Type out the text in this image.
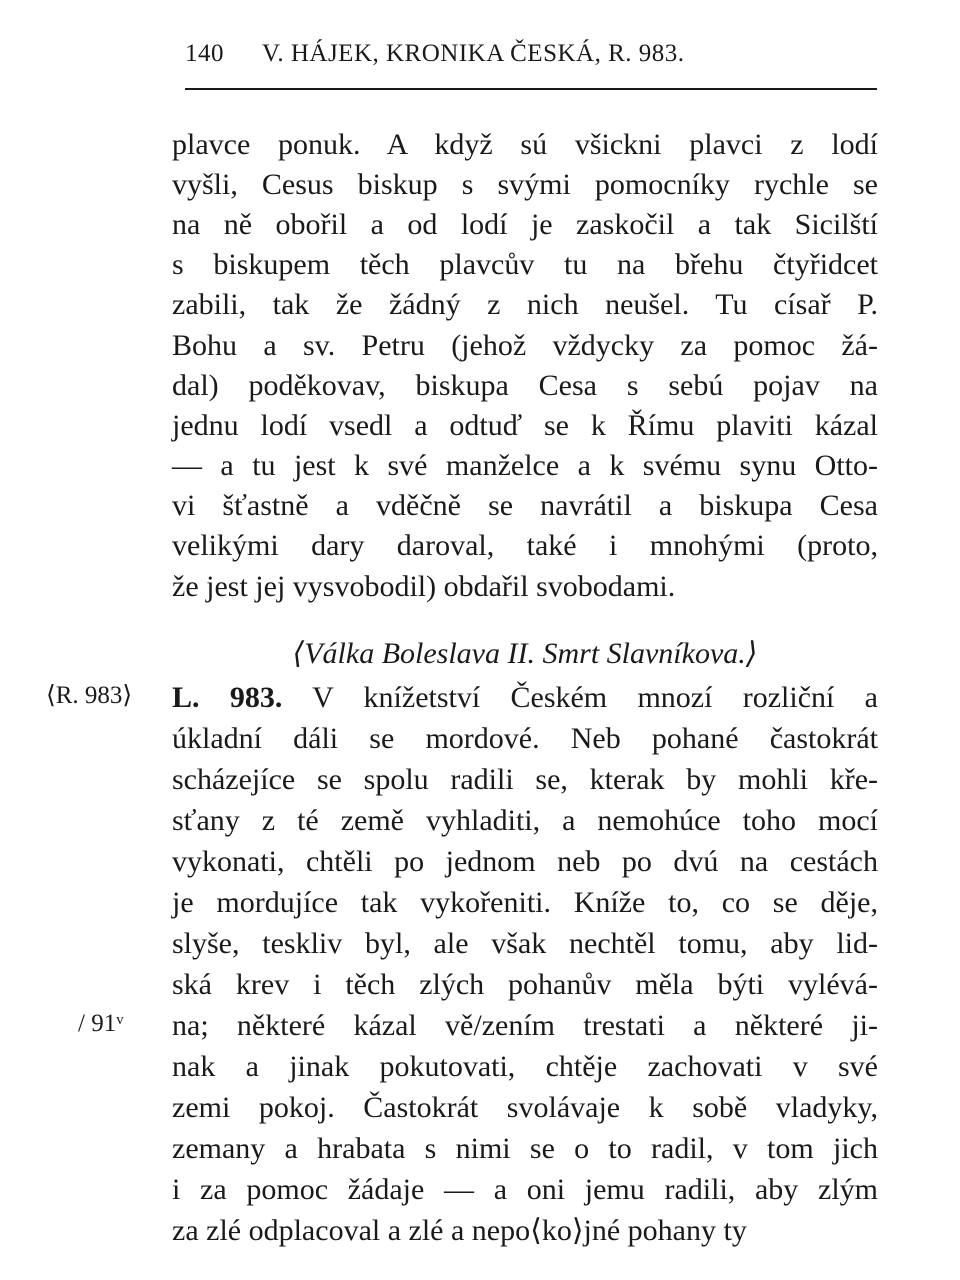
140 V. HÁJEK, KRONIKA ČESKÁ, R. 983.
plavce ponuk. A když sú všickni plavci z lodí
vyšli, Cesus biskup s svými pomocníky rychle se
na ně obořil a od lodí je zaskočil a tak Sicilští
s biskupem těch plavcův tu na břehu čtyřidcet
zabili, tak že žádný z nich neušel. Tu císař P.
Bohu a sv. Petru (jehož vždycky za pomoc žá-
dal) poděkovav, biskupa Cesa s sebú pojav na
jednu lodí vsedl a odtuď se k Římu plaviti kázal
— a tu jest k své manželce a k svému synu Otto-
vi šťastně a vděčně se navrátil a biskupa Cesa
velikými dary daroval, také i mnohými (proto,
že jest jej vysvobodil) obdařil svobodami.
⟨Válka Boleslava II. Smrt Slavníkova.⟩
⟨R. 983⟩ L. 983. V knížetství Českém mnozí rozliční a
úkladní dáli se mordové. Neb pohané častokrát
scházejíce se spolu radili se, kterak by mohli kře-
sťany z té země vyhladiti, a nemohúce toho mocí
vykonati, chtěli po jednom neb po dvú na cestách
je mordujíce tak vykořeniti. Kníže to, co se děje,
slyše, teskliv byl, ale však nechtěl tomu, aby lid-
ská krev i těch zlých pohanův měla býti vylévá-
na; některé kázal vě/zením trestati a některé ji-
nak a jinak pokutovati, chtěje zachovati v své
zemi pokoj. Častokrát svolávaje k sobě vladyky,
zemany a hrabata s nimi se o to radil, v tom jich
i za pomoc žádaje — a oni jemu radili, aby zlým
za zlé odplacoval a zlé a nepo⟨ko⟩jné pohany ty
/ 91ᵛ
